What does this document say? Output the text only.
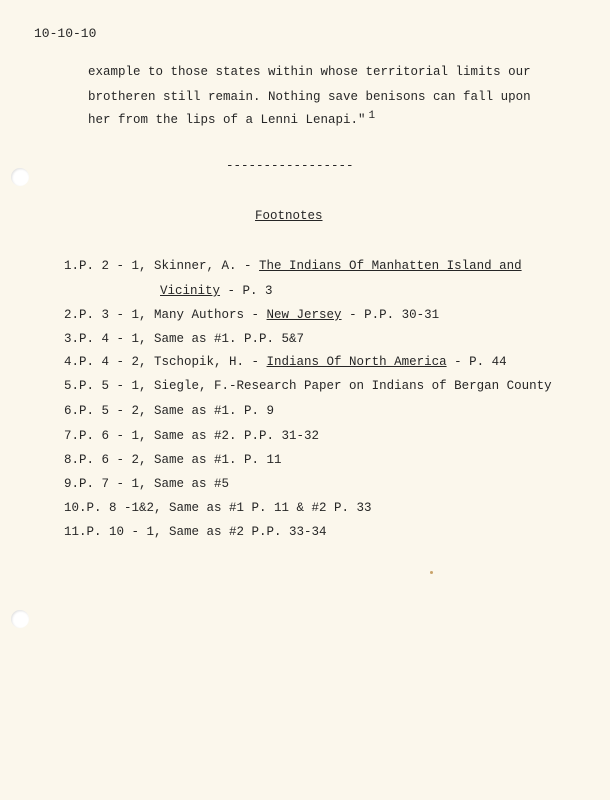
10-10-10
example to those states within whose territorial limits our
brotheren still remain. Nothing save benisons can fall upon
her from the lips of a Lenni Lenapi." 1
-----------------
Footnotes
1.P. 2 - 1, Skinner, A. - The Indians Of Manhatten Island and
Vicinity - P. 3
2.P. 3 - 1, Many Authors - New Jersey - P.P. 30-31
3.P. 4 - 1, Same as #1. P.P. 5&7
4.P. 4 - 2, Tschopik, H. - Indians Of North America - P. 44
5.P. 5 - 1, Siegle, F.-Research Paper on Indians of Bergan County
6.P. 5 - 2, Same as #1. P. 9
7.P. 6 - 1, Same as #2. P.P. 31-32
8.P. 6 - 2, Same as #1. P. 11
9.P. 7 - 1, Same as #5
10.P. 8 -1&2, Same as #1 P. 11 & #2 P. 33
11.P. 10 - 1, Same as #2 P.P. 33-34
